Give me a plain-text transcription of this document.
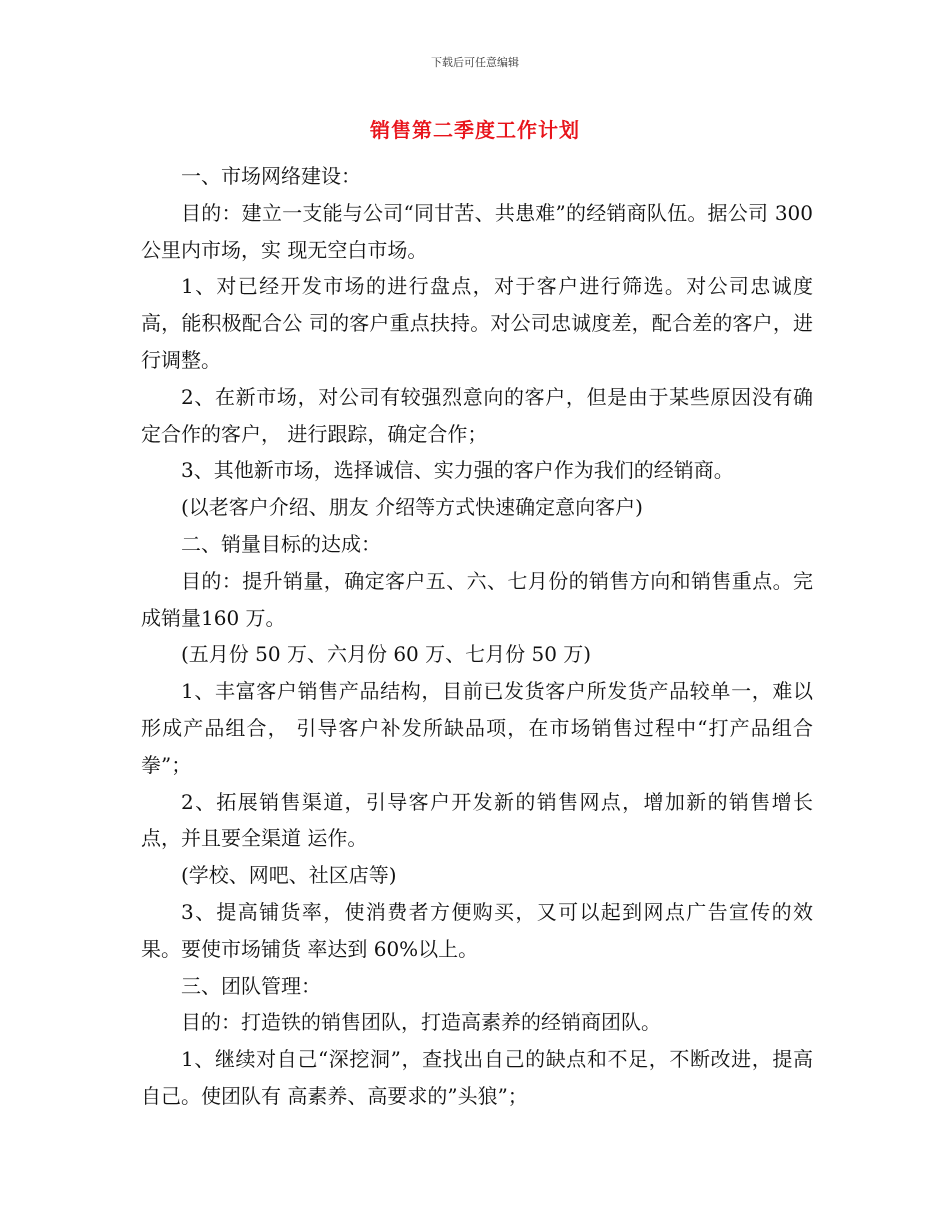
下载后可任意编辑
销售第二季度工作计划

一、市场网络建设：

目的：建立一支能与公司“同甘苦、共患难”的经销商队伍。据公司 300 公里内市场，实 现无空白市场。

1、对已经开发市场的进行盘点，对于客户进行筛选。对公司忠诚度高，能积极配合公 司的客户重点扶持。对公司忠诚度差，配合差的客户，进行调整。

2、在新市场，对公司有较强烈意向的客户，但是由于某些原因没有确定合作的客户， 进行跟踪，确定合作；

3、其他新市场，选择诚信、实力强的客户作为我们的经销商。

(以老客户介绍、朋友 介绍等方式快速确定意向客户)

二、销量目标的达成：

目的：提升销量，确定客户五、六、七月份的销售方向和销售重点。完成销量160 万。

(五月份 50 万、六月份 60 万、七月份 50 万)

1、丰富客户销售产品结构，目前已发货客户所发货产品较单一，难以形成产品组合， 引导客户补发所缺品项，在市场销售过程中“打产品组合拳”；

2、拓展销售渠道，引导客户开发新的销售网点，增加新的销售增长点，并且要全渠道 运作。

(学校、网吧、社区店等)

3、提高铺货率，使消费者方便购买，又可以起到网点广告宣传的效果。要使市场铺货 率达到 60%以上。

三、团队管理：

目的：打造铁的销售团队，打造高素养的经销商团队。

1、继续对自己“深挖洞”，查找出自己的缺点和不足，不断改进，提高自己。使团队有 高素养、高要求的”头狼”；
